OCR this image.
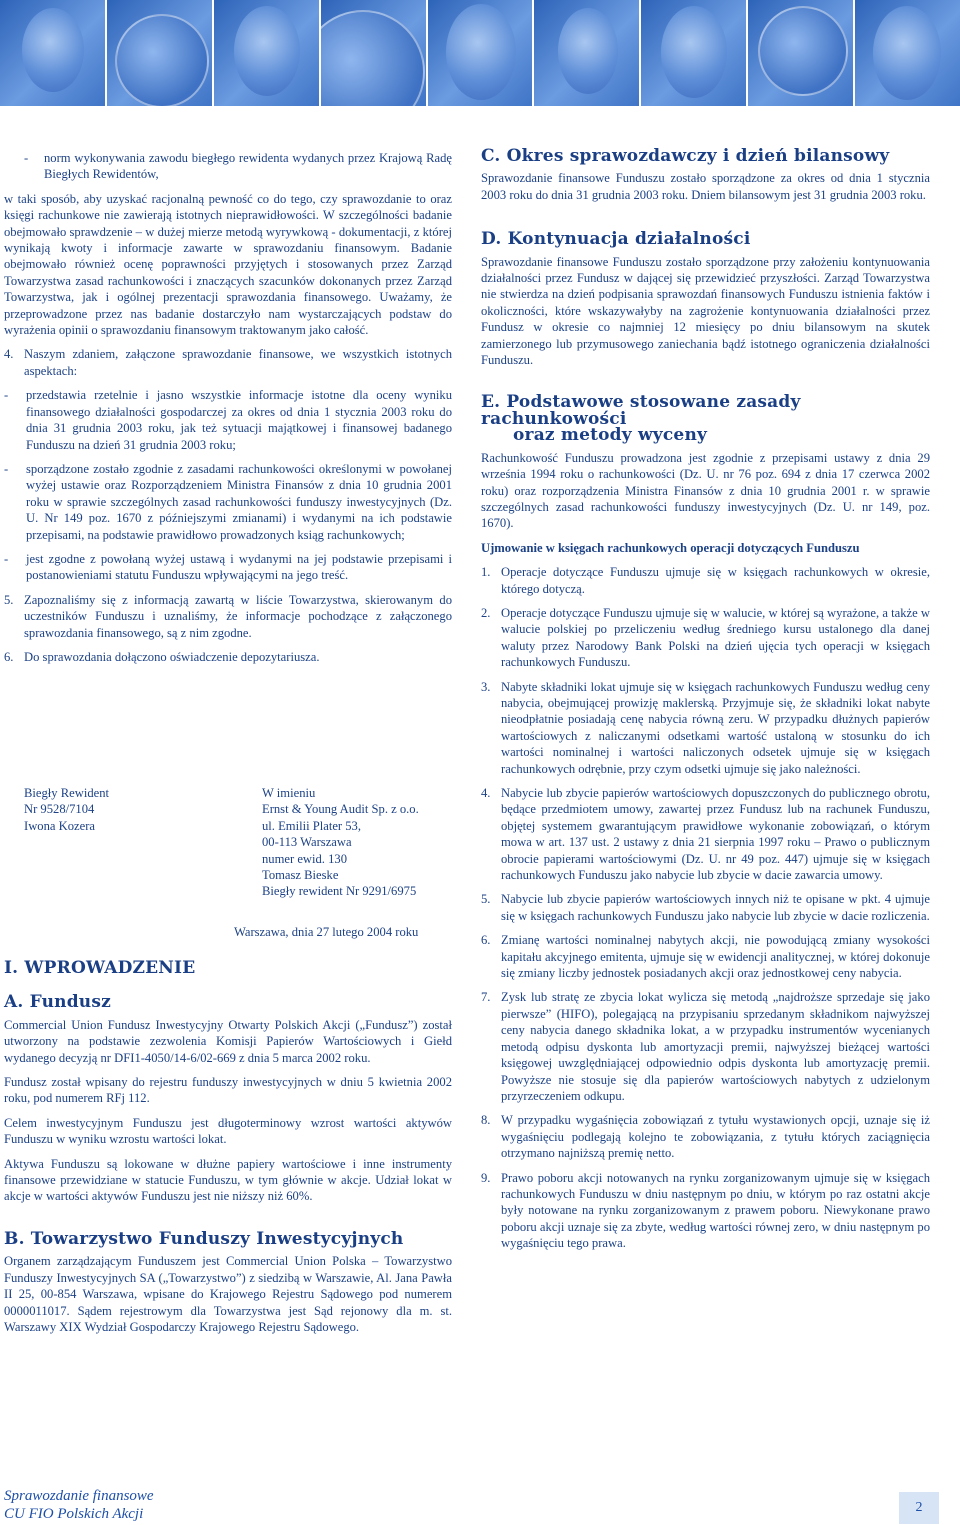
-	norm wykonywania zawodu biegłego rewidenta wydanych przez Krajową Radę Biegłych Rewidentów,

w taki sposób, aby uzyskać racjonalną pewność co do tego, czy sprawozdanie to oraz księgi rachunkowe nie zawierają istotnych nieprawidłowości. W szczególności badanie obejmowało sprawdzenie – w dużej mierze metodą wyrywkową - dokumentacji, z której wynikają kwoty i informacje zawarte w sprawozdaniu finansowym. Badanie obejmowało również ocenę poprawności przyjętych i stosowanych przez Zarząd Towarzystwa zasad rachunkowości i znaczących szacunków dokonanych przez Zarząd Towarzystwa, jak i ogólnej prezentacji sprawozdania finansowego. Uważamy, że przeprowadzone przez nas badanie dostarczyło nam wystarczających podstaw do wyrażenia opinii o sprawozdaniu finansowym traktowanym jako całość.

4. Naszym zdaniem, załączone sprawozdanie finansowe, we wszystkich istotnych aspektach:
-	przedstawia rzetelnie i jasno wszystkie informacje istotne dla oceny wyniku finansowego działalności gospodarczej za okres od dnia 1 stycznia 2003 roku do dnia 31 grudnia 2003 roku, jak też sytuacji majątkowej i finansowej badanego Funduszu na dzień 31 grudnia 2003 roku;
-	sporządzone zostało zgodnie z zasadami rachunkowości określonymi w powołanej wyżej ustawie oraz Rozporządzeniem Ministra Finansów z dnia 10 grudnia 2001 roku w sprawie szczególnych zasad rachunkowości funduszy inwestycyjnych (Dz. U. Nr 149 poz. 1670 z późniejszymi zmianami) i wydanymi na ich podstawie przepisami, na podstawie prawidłowo prowadzonych ksiąg rachunkowych;
-	jest zgodne z powołaną wyżej ustawą i wydanymi na jej podstawie przepisami i postanowieniami statutu Funduszu wpływającymi na jego treść.
5. Zapoznaliśmy się z informacją zawartą w liście Towarzystwa, skierowanym do uczestników Funduszu i uznaliśmy, że informacje pochodzące z załączonego sprawozdania finansowego, są z nim zgodne.
6. Do sprawozdania dołączono oświadczenie depozytariusza.
Biegły Rewident
Nr 9528/7104
Iwona Kozera
W imieniu
Ernst & Young Audit Sp. z o.o.
ul. Emilii Plater 53,
00-113 Warszawa
numer ewid. 130
Tomasz Bieske
Biegły rewident Nr 9291/6975
Warszawa, dnia 27 lutego 2004 roku
I. WPROWADZENIE
A. Fundusz

Commercial Union Fundusz Inwestycyjny Otwarty Polskich Akcji („Fundusz”) został utworzony na podstawie zezwolenia Komisji Papierów Wartościowych i Giełd wydanego decyzją nr DFI1-4050/14-6/02-669 z dnia 5 marca 2002 roku.

Fundusz został wpisany do rejestru funduszy inwestycyjnych w dniu 5 kwietnia 2002 roku, pod numerem RFj 112.

Celem inwestycyjnym Funduszu jest długoterminowy wzrost wartości aktywów Funduszu w wyniku wzrostu wartości lokat.

Aktywa Funduszu są lokowane w dłużne papiery wartościowe i inne instrumenty finansowe przewidziane w statucie Funduszu, w tym głównie w akcje. Udział lokat w akcje w wartości aktywów Funduszu jest nie niższy niż 60%.

B. Towarzystwo Funduszy Inwestycyjnych

Organem zarządzającym Funduszem jest Commercial Union Polska – Towarzystwo Funduszy Inwestycyjnych SA („Towarzystwo”) z siedzibą w Warszawie, Al. Jana Pawła II 25, 00-854 Warszawa, wpisane do Krajowego Rejestru Sądowego pod numerem 0000011017. Sądem rejestrowym dla Towarzystwa jest Sąd rejonowy dla m. st. Warszawy XIX Wydział Gospodarczy Krajowego Rejestru Sądowego.

C. Okres sprawozdawczy i dzień bilansowy

Sprawozdanie finansowe Funduszu zostało sporządzone za okres od dnia 1 stycznia 2003 roku do dnia 31 grudnia 2003 roku. Dniem bilansowym jest 31 grudnia 2003 roku.

D. Kontynuacja działalności

Sprawozdanie finansowe Funduszu zostało sporządzone przy założeniu kontynuowania działalności przez Fundusz w dającej się przewidzieć przyszłości. Zarząd Towarzystwa nie stwierdza na dzień podpisania sprawozdań finansowych Funduszu istnienia faktów i okoliczności, które wskazywałyby na zagrożenie kontynuowania działalności przez Fundusz w okresie co najmniej 12 miesięcy po dniu bilansowym na skutek zamierzonego lub przymusowego zaniechania bądź istotnego ograniczenia działalności Funduszu.

E. Podstawowe stosowane zasady rachunkowości
oraz metody wyceny

Rachunkowość Funduszu prowadzona jest zgodnie z przepisami ustawy z dnia 29 września 1994 roku o rachunkowości (Dz. U. nr 76 poz. 694 z dnia 17 czerwca 2002 roku) oraz rozporządzenia Ministra Finansów z dnia 10 grudnia 2001 r. w sprawie szczególnych zasad rachunkowości funduszy inwestycyjnych (Dz. U. nr 149, poz. 1670).

Ujmowanie w księgach rachunkowych operacji dotyczących Funduszu
1. Operacje dotyczące Funduszu ujmuje się w księgach rachunkowych w okresie, którego dotyczą.
2. Operacje dotyczące Funduszu ujmuje się w walucie, w której są wyrażone, a także w walucie polskiej po przeliczeniu według średniego kursu ustalonego dla danej waluty przez Narodowy Bank Polski na dzień ujęcia tych operacji w księgach rachunkowych Funduszu.
3. Nabyte składniki lokat ujmuje się w księgach rachunkowych Funduszu według ceny nabycia, obejmującej prowizję maklerską. Przyjmuje się, że składniki lokat nabyte nieodpłatnie posiadają cenę nabycia równą zeru. W przypadku dłużnych papierów wartościowych z naliczanymi odsetkami wartość ustaloną w stosunku do ich wartości nominalnej i wartości naliczonych odsetek ujmuje się w księgach rachunkowych odrębnie, przy czym odsetki ujmuje się jako należności.
4. Nabycie lub zbycie papierów wartościowych dopuszczonych do publicznego obrotu, będące przedmiotem umowy, zawartej przez Fundusz lub na rachunek Funduszu, objętej systemem gwarantującym prawidłowe wykonanie zobowiązań, o którym mowa w art. 137 ust. 2 ustawy z dnia 21 sierpnia 1997 roku – Prawo o publicznym obrocie papierami wartościowymi (Dz. U. nr 49 poz. 447) ujmuje się w księgach rachunkowych Funduszu jako nabycie lub zbycie w dacie zawarcia umowy.
5. Nabycie lub zbycie papierów wartościowych innych niż te opisane w pkt. 4 ujmuje się w księgach rachunkowych Funduszu jako nabycie lub zbycie w dacie rozliczenia.
6. Zmianę wartości nominalnej nabytych akcji, nie powodującą zmiany wysokości kapitału akcyjnego emitenta, ujmuje się w ewidencji analitycznej, w której dokonuje się zmiany liczby jednostek posiadanych akcji oraz jednostkowej ceny nabycia.
7. Zysk lub stratę ze zbycia lokat wylicza się metodą „najdroższe sprzedaje się jako pierwsze” (HIFO), polegającą na przypisaniu sprzedanym składnikom najwyższej ceny nabycia danego składnika lokat, a w przypadku instrumentów wycenianych metodą odpisu dyskonta lub amortyzacji premii, najwyższej bieżącej wartości księgowej uwzględniającej odpowiednio odpis dyskonta lub amortyzację premii. Powyższe nie stosuje się dla papierów wartościowych nabytych z udzielonym przyrzeczeniem odkupu.
8. W przypadku wygaśnięcia zobowiązań z tytułu wystawionych opcji, uznaje się iż wygaśnięciu podlegają kolejno te zobowiązania, z tytułu których zaciągnięcia otrzymano najniższą premię netto.
9. Prawo poboru akcji notowanych na rynku zorganizowanym ujmuje się w księgach rachunkowych Funduszu w dniu następnym po dniu, w którym po raz ostatni akcje były notowane na rynku zorganizowanym z prawem poboru. Niewykonane prawo poboru akcji uznaje się za zbyte, według wartości równej zero, w dniu następnym po wygaśnięciu tego prawa.
Sprawozdanie finansowe
CU FIO Polskich Akcji	2
